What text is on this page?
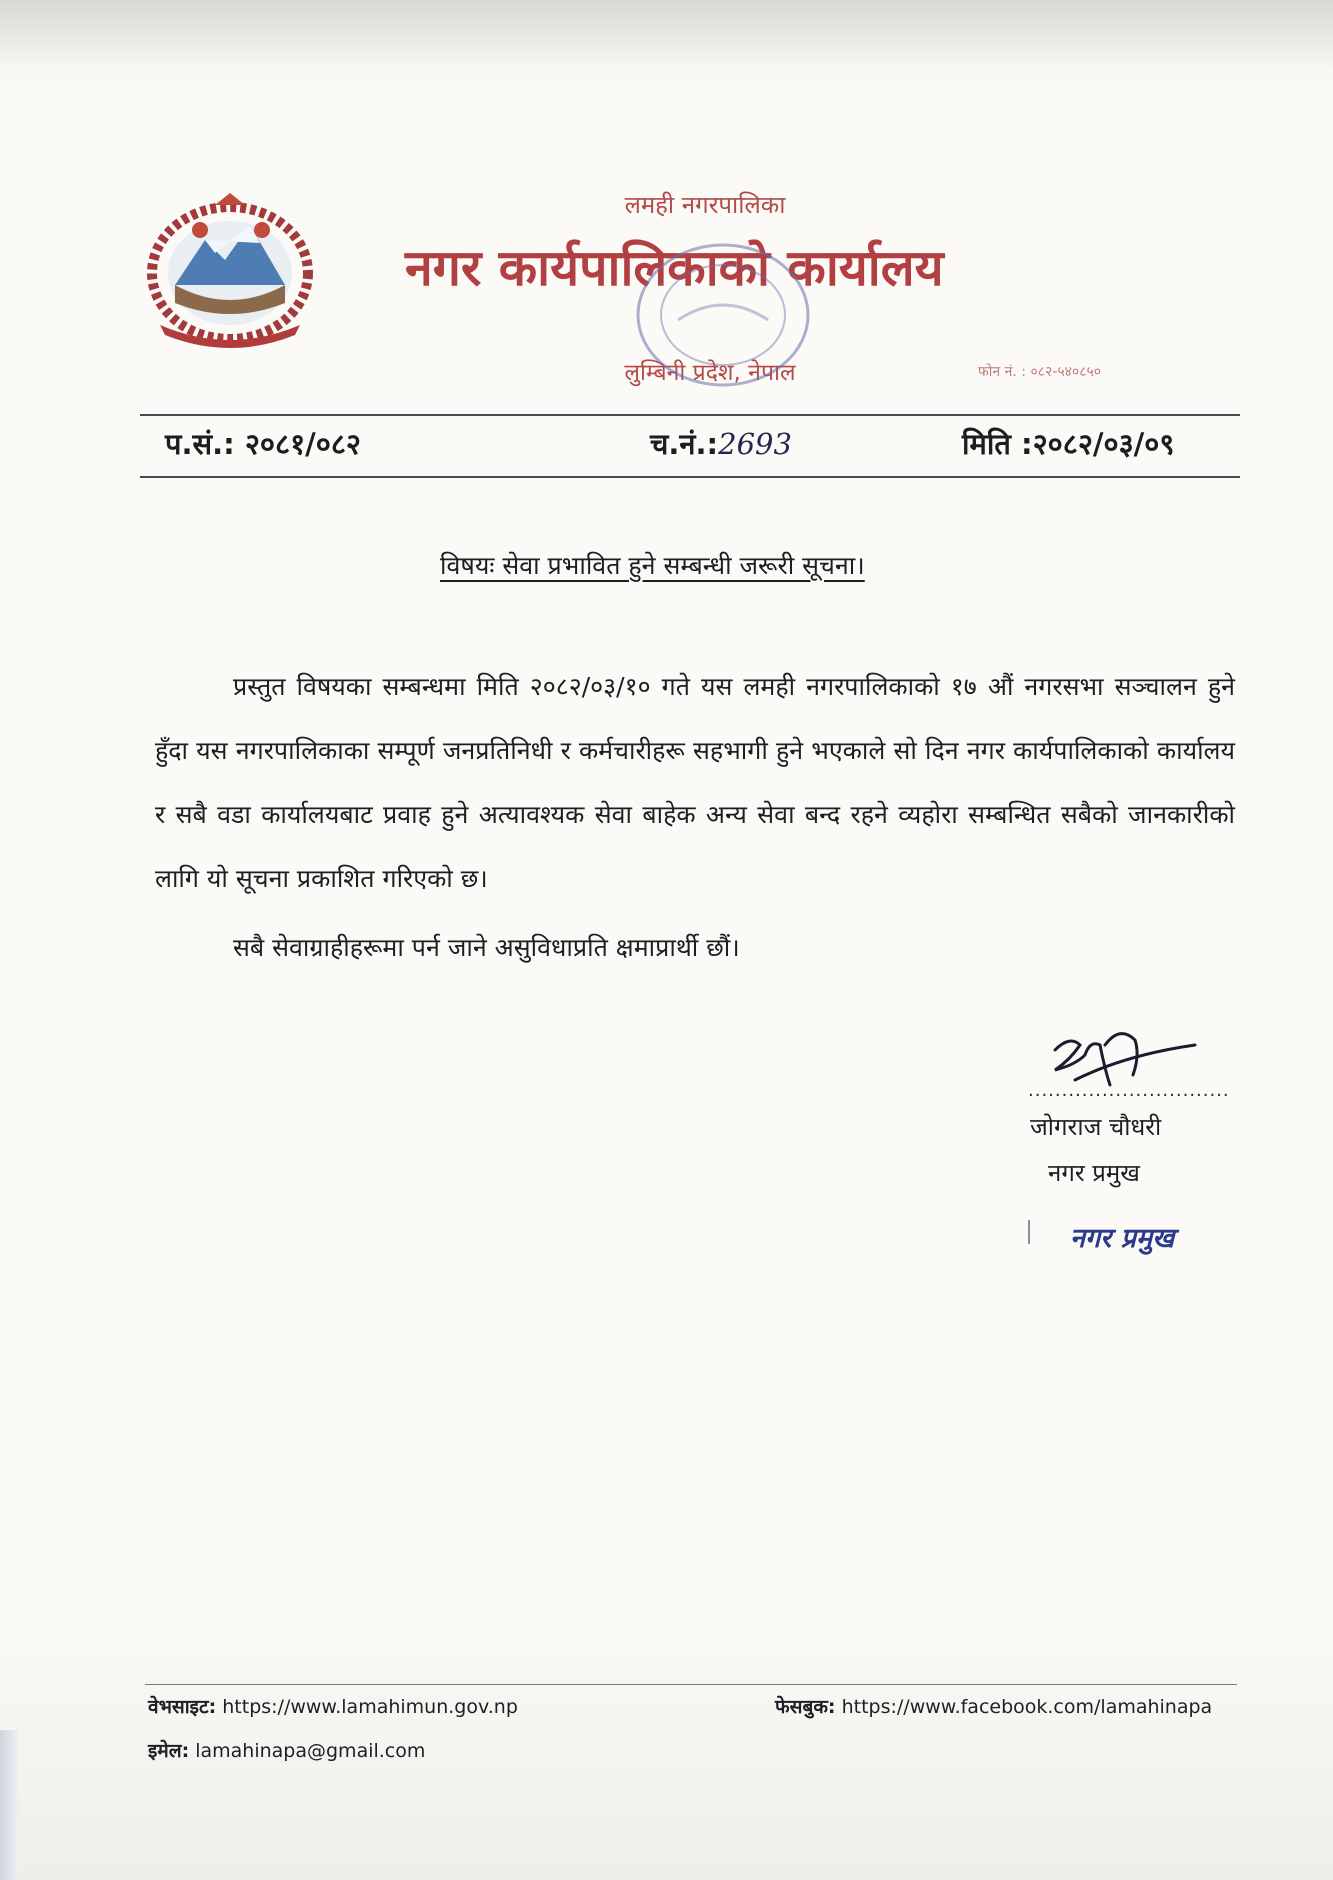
लमही नगरपालिका
नगर कार्यपालिकाको कार्यालय
लुम्बिनी प्रदेश, नेपाल	फोन नं. : ०८२-५४०८५०
प.सं.: २०८१/०८२	च.नं.:2693	मिति :२०८२/०३/०९
विषयः सेवा प्रभावित हुने सम्बन्धी जरूरी सूचना।
प्रस्तुत विषयका सम्बन्धमा मिति २०८२/०३/१० गते यस लमही नगरपालिकाको १७ औं नगरसभा सञ्चालन हुने हुँदा यस नगरपालिकाका सम्पूर्ण जनप्रतिनिधी र कर्मचारीहरू सहभागी हुने भएकाले सो दिन नगर कार्यपालिकाको कार्यालय र सबै वडा कार्यालयबाट प्रवाह हुने अत्यावश्यक सेवा बाहेक अन्य सेवा बन्द रहने व्यहोरा सम्बन्धित सबैको जानकारीको लागि यो सूचना प्रकाशित गरिएको छ।
सबै सेवाग्राहीहरूमा पर्न जाने असुविधाप्रति क्षमाप्रार्थी छौं।
..............................
जोगराज चौधरी
नगर प्रमुख
नगर प्रमुख
वेभसाइट: https://www.lamahimun.gov.np	फेसबुक: https://www.facebook.com/lamahinapa
इमेल: lamahinapa@gmail.com
